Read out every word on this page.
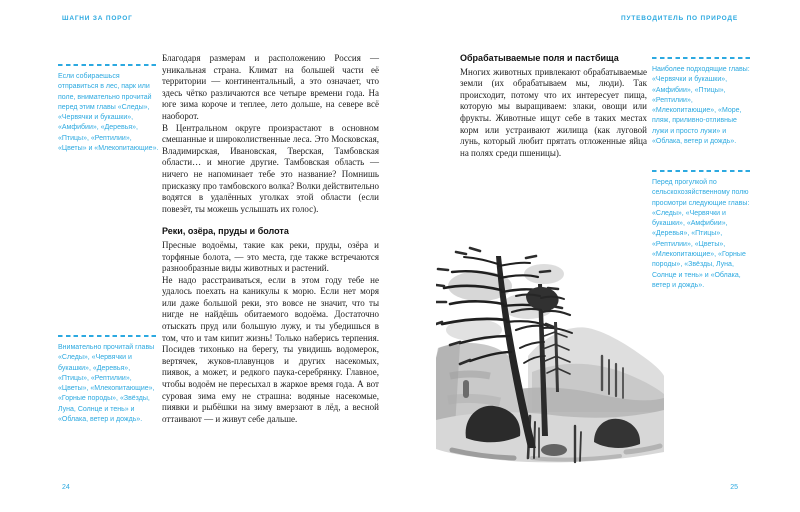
ШАГНИ ЗА ПОРОГ	ПУТЕВОДИТЕЛЬ ПО ПРИРОДЕ

Если собираешься отправиться в лес, парк или поле, внимательно прочитай перед этим главы «Следы», «Червячки и букашки», «Амфибии», «Деревья», «Птицы», «Рептилии», «Цветы» и «Млекопитающие».

Внимательно прочитай главы «Следы», «Червячки и букашки», «Деревья», «Птицы», «Рептилии», «Цветы», «Млекопитающие», «Горные породы», «Звёзды, Луна, Солнце и тень» и «Облака, ветер и дождь».

Благодаря размерам и расположению Россия — уникальная страна. Климат на большей части её территории — континентальный, а это означает, что здесь чётко различаются все четыре времени года. На юге зима короче и теплее, лето дольше, на севере всё наоборот.

В Центральном округе произрастают в основном смешанные и широколиственные леса. Это Московская, Владимирская, Ивановская, Тверская, Тамбовская области… и многие другие. Тамбовская область — ничего не напоминает тебе это название? Помнишь присказку про тамбовского волка? Волки действительно водятся в удалённых уголках этой области (если повезёт, ты можешь услышать их голос).

Реки, озёра, пруды и болота

Пресные водоёмы, такие как реки, пруды, озёра и торфяные болота, — это места, где также встречаются разнообразные виды животных и растений.

Не надо расстраиваться, если в этом году тебе не удалось поехать на каникулы к морю. Если нет моря или даже большой реки, это вовсе не значит, что ты нигде не найдёшь обитаемого водоёма. Достаточно отыскать пруд или большую лужу, и ты убедишься в том, что и там кипит жизнь! Только наберись терпения. Посидев тихонько на берегу, ты увидишь водомерок, вертячек, жуков-плавунцов и других насекомых, пиявок, а может, и редкого паука-серебрянку. Главное, чтобы водоём не пересыхал в жаркое время года. А вот суровая зима ему не страшна: водяные насекомые, пиявки и рыбёшки на зиму вмерзают в лёд, а весной оттаивают — и живут себе дальше.

Обрабатываемые поля и пастбища

Многих животных привлекают обрабатываемые земли (их обрабатываем мы, люди). Так происходит, потому что их интересует пища, которую мы выращиваем: злаки, овощи или фрукты. Животные ищут себе в таких местах корм или устраивают жилища (как луговой лунь, который любит прятать отложенные яйца на полях среди пшеницы).

Наиболее подходящие главы: «Червячки и букашки», «Амфибии», «Птицы», «Рептилии», «Млекопитающие», «Море, пляж, приливно-отливные лужи и просто лужи» и «Облака, ветер и дождь».

Перед прогулкой по сельскохозяйственному полю просмотри следующие главы: «Следы», «Червячки и букашки», «Амфибии», «Деревья», «Птицы», «Рептилии», «Цветы», «Млекопитающие», «Горные породы», «Звёзды, Луна, Солнце и тень» и «Облака, ветер и дождь».

24	25
